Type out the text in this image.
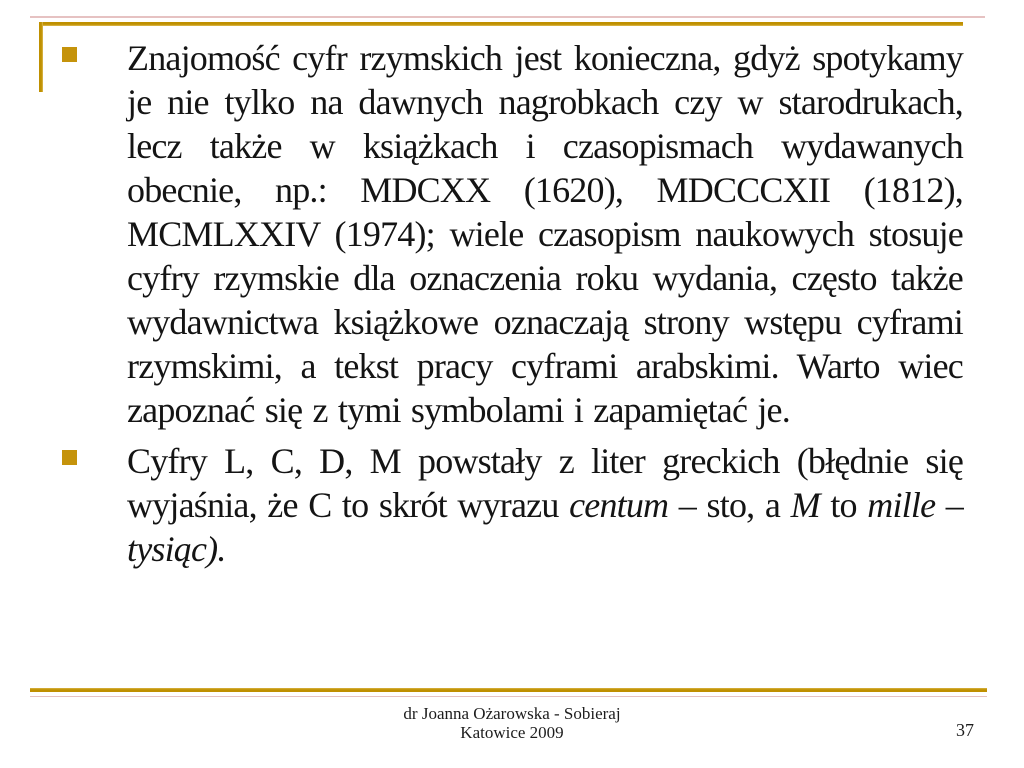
Znajomość cyfr rzymskich jest konieczna, gdyż spotykamy je nie tylko na dawnych nagrobkach czy w starodrukach, lecz także w książkach i czasopismach wydawanych obecnie, np.: MDCXX (1620), MDCCCXII (1812), MCMLXXIV (1974); wiele czasopism naukowych stosuje cyfry rzymskie dla oznaczenia roku wydania, często także wydawnictwa książkowe oznaczają strony wstępu cyframi rzymskimi, a tekst pracy cyframi arabskimi. Warto wiec zapoznać się z tymi symbolami i zapamiętać je.

Cyfry L, C, D, M powstały z liter greckich (błędnie się wyjaśnia, że C to skrót wyrazu centum – sto, a M to mille – tysiąc).

dr Joanna Ożarowska - Sobieraj
Katowice 2009	37
